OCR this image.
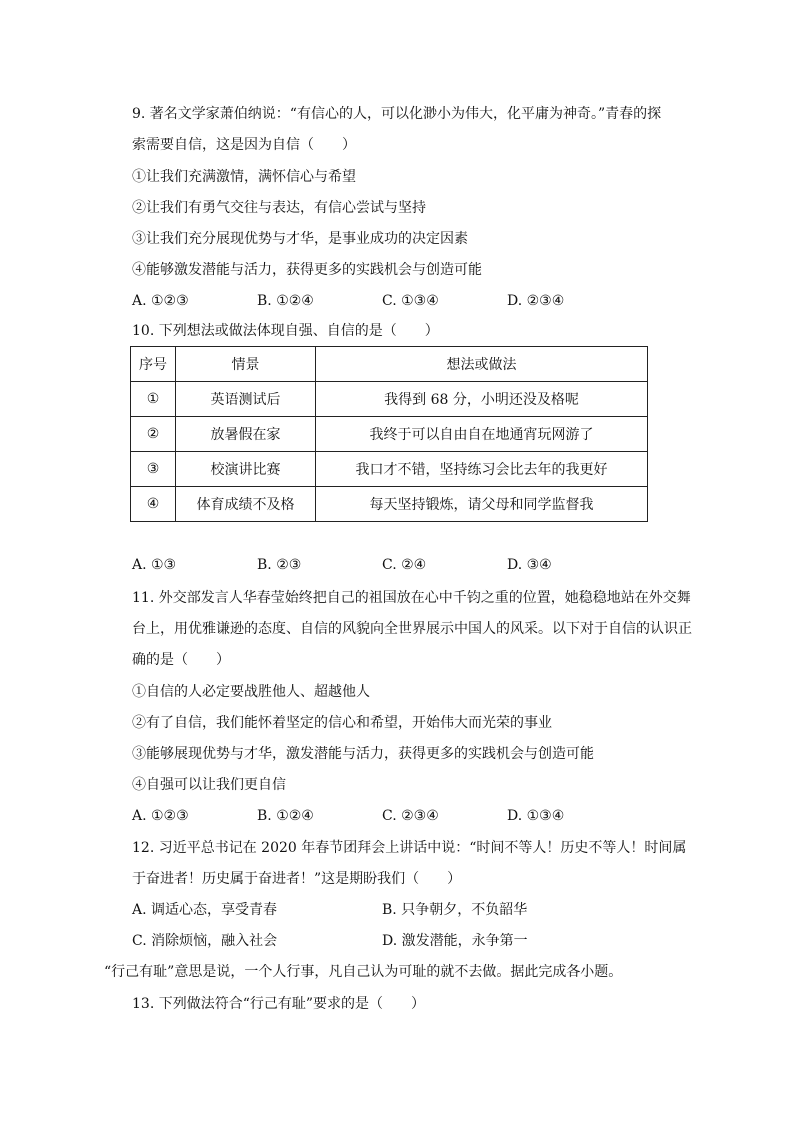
9. 著名文学家萧伯纳说：“有信心的人，可以化渺小为伟大，化平庸为神奇。”青春的探
索需要自信，这是因为自信（　　）
①让我们充满激情，满怀信心与希望
②让我们有勇气交往与表达，有信心尝试与坚持
③让我们充分展现优势与才华，是事业成功的决定因素
④能够激发潜能与活力，获得更多的实践机会与创造可能
A. ①②③	B. ①②④	C. ①③④	D. ②③④
10. 下列想法或做法体现自强、自信的是（　　）
序号	情景	想法或做法
①	英语测试后	我得到 68 分，小明还没及格呢
②	放暑假在家	我终于可以自由自在地通宵玩网游了
③	校演讲比赛	我口才不错，坚持练习会比去年的我更好
④	体育成绩不及格	每天坚持锻炼，请父母和同学监督我
A. ①③	B. ②③	C. ②④	D. ③④
11. 外交部发言人华春莹始终把自己的祖国放在心中千钧之重的位置，她稳稳地站在外交舞
台上，用优雅谦逊的态度、自信的风貌向全世界展示中国人的风采。以下对于自信的认识正
确的是（　　）
①自信的人必定要战胜他人、超越他人
②有了自信，我们能怀着坚定的信心和希望，开始伟大而光荣的事业
③能够展现优势与才华，激发潜能与活力，获得更多的实践机会与创造可能
④自强可以让我们更自信
A. ①②③	B. ①②④	C. ②③④	D. ①③④
12. 习近平总书记在 2020 年春节团拜会上讲话中说：“时间不等人！历史不等人！时间属
于奋进者！历史属于奋进者！”这是期盼我们（　　）
A. 调适心态，享受青春	B. 只争朝夕，不负韶华
C. 消除烦恼，融入社会	D. 激发潜能，永争第一
“行己有耻”意思是说，一个人行事，凡自己认为可耻的就不去做。据此完成各小题。
13. 下列做法符合“行己有耻”要求的是（　　）
